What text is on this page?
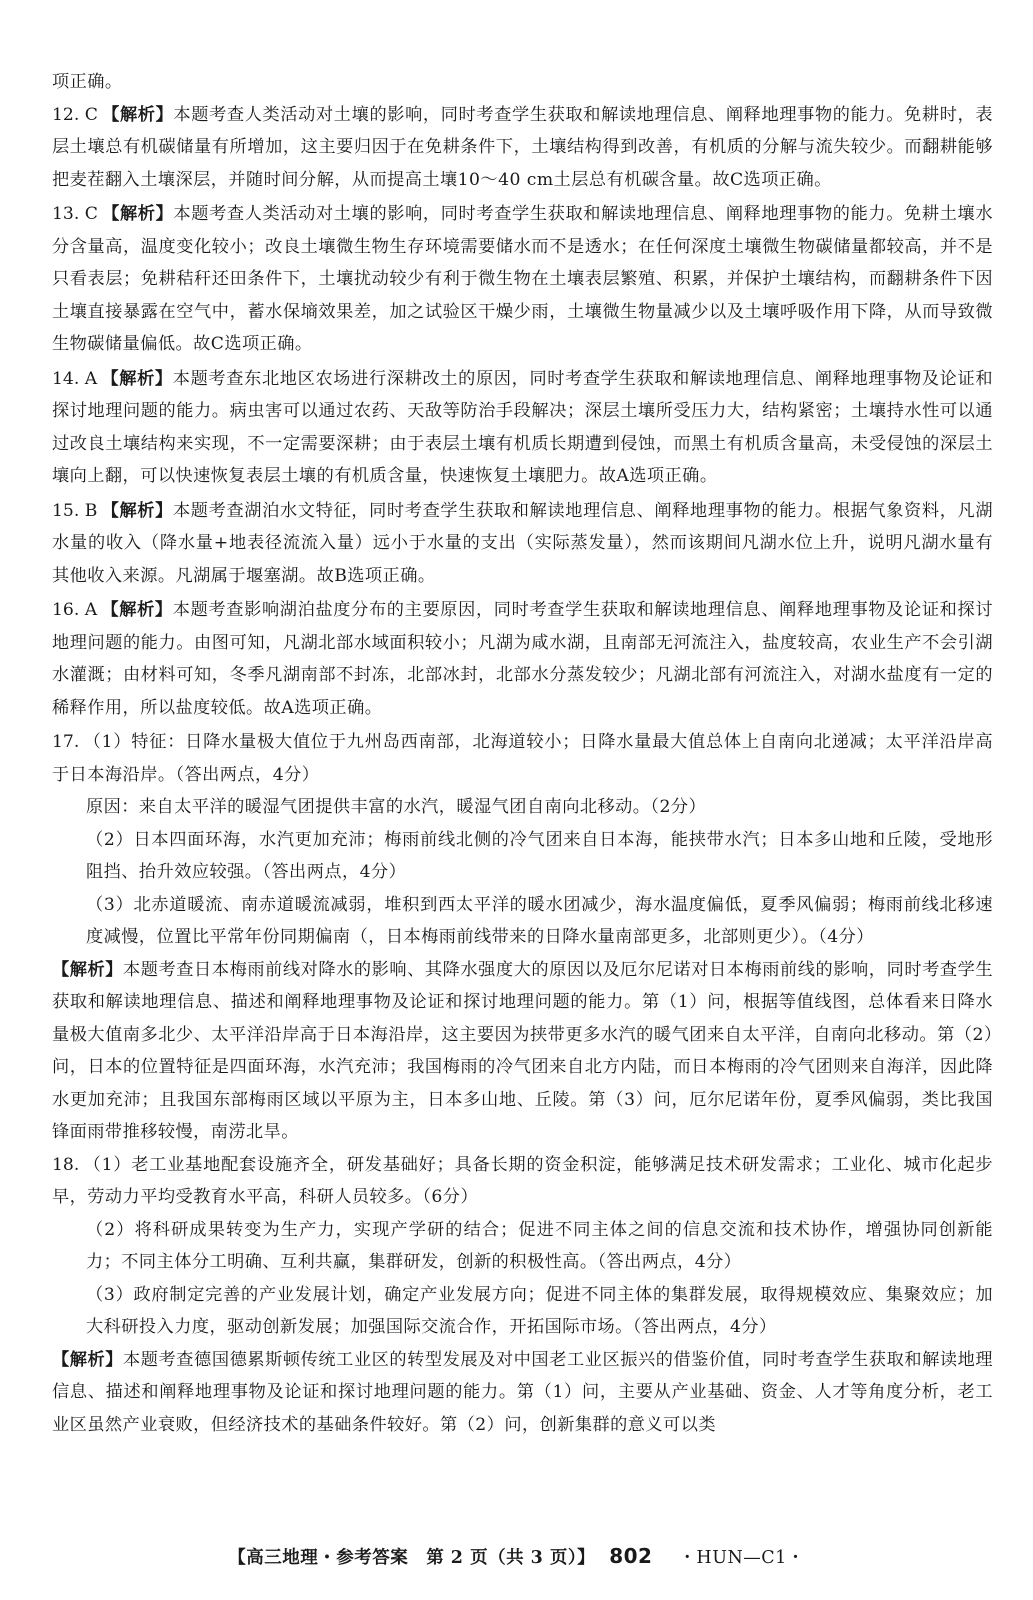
项正确。

12. C 【解析】本题考查人类活动对土壤的影响，同时考查学生获取和解读地理信息、阐释地理事物的能力。免耕时，表层土壤总有机碳储量有所增加，这主要归因于在免耕条件下，土壤结构得到改善，有机质的分解与流失较少。而翻耕能够把麦茬翻入土壤深层，并随时间分解，从而提高土壤10～40 cm土层总有机碳含量。故C选项正确。

13. C 【解析】本题考查人类活动对土壤的影响，同时考查学生获取和解读地理信息、阐释地理事物的能力。免耕土壤水分含量高，温度变化较小；改良土壤微生物生存环境需要储水而不是透水；在任何深度土壤微生物碳储量都较高，并不是只看表层；免耕秸秆还田条件下，土壤扰动较少有利于微生物在土壤表层繁殖、积累，并保护土壤结构，而翻耕条件下因土壤直接暴露在空气中，蓄水保墒效果差，加之试验区干燥少雨，土壤微生物量减少以及土壤呼吸作用下降，从而导致微生物碳储量偏低。故C选项正确。

14. A 【解析】本题考查东北地区农场进行深耕改土的原因，同时考查学生获取和解读地理信息、阐释地理事物及论证和探讨地理问题的能力。病虫害可以通过农药、天敌等防治手段解决；深层土壤所受压力大，结构紧密；土壤持水性可以通过改良土壤结构来实现，不一定需要深耕；由于表层土壤有机质长期遭到侵蚀，而黑土有机质含量高，未受侵蚀的深层土壤向上翻，可以快速恢复表层土壤的有机质含量，快速恢复土壤肥力。故A选项正确。

15. B 【解析】本题考查湖泊水文特征，同时考查学生获取和解读地理信息、阐释地理事物的能力。根据气象资料，凡湖水量的收入（降水量+地表径流流入量）远小于水量的支出（实际蒸发量），然而该期间凡湖水位上升，说明凡湖水量有其他收入来源。凡湖属于堰塞湖。故B选项正确。

16. A 【解析】本题考查影响湖泊盐度分布的主要原因，同时考查学生获取和解读地理信息、阐释地理事物及论证和探讨地理问题的能力。由图可知，凡湖北部水域面积较小；凡湖为咸水湖，且南部无河流注入，盐度较高，农业生产不会引湖水灌溉；由材料可知，冬季凡湖南部不封冻，北部冰封，北部水分蒸发较少；凡湖北部有河流注入，对湖水盐度有一定的稀释作用，所以盐度较低。故A选项正确。

17. （1）特征：日降水量极大值位于九州岛西南部，北海道较小；日降水量最大值总体上自南向北递减；太平洋沿岸高于日本海沿岸。（答出两点，4分）

原因：来自太平洋的暖湿气团提供丰富的水汽，暖湿气团自南向北移动。（2分）

（2）日本四面环海，水汽更加充沛；梅雨前线北侧的冷气团来自日本海，能挟带水汽；日本多山地和丘陵，受地形阻挡、抬升效应较强。（答出两点，4分）

（3）北赤道暖流、南赤道暖流减弱，堆积到西太平洋的暖水团减少，海水温度偏低，夏季风偏弱；梅雨前线北移速度减慢，位置比平常年份同期偏南（，日本梅雨前线带来的日降水量南部更多，北部则更少）。（4分）

【解析】本题考查日本梅雨前线对降水的影响、其降水强度大的原因以及厄尔尼诺对日本梅雨前线的影响，同时考查学生获取和解读地理信息、描述和阐释地理事物及论证和探讨地理问题的能力。第（1）问，根据等值线图，总体看来日降水量极大值南多北少、太平洋沿岸高于日本海沿岸，这主要因为挟带更多水汽的暖气团来自太平洋，自南向北移动。第（2）问，日本的位置特征是四面环海，水汽充沛；我国梅雨的冷气团来自北方内陆，而日本梅雨的冷气团则来自海洋，因此降水更加充沛；且我国东部梅雨区域以平原为主，日本多山地、丘陵。第（3）问，厄尔尼诺年份，夏季风偏弱，类比我国锋面雨带推移较慢，南涝北旱。

18. （1）老工业基地配套设施齐全，研发基础好；具备长期的资金积淀，能够满足技术研发需求；工业化、城市化起步早，劳动力平均受教育水平高，科研人员较多。（6分）

（2）将科研成果转变为生产力，实现产学研的结合；促进不同主体之间的信息交流和技术协作，增强协同创新能力；不同主体分工明确、互利共赢，集群研发，创新的积极性高。（答出两点，4分）

（3）政府制定完善的产业发展计划，确定产业发展方向；促进不同主体的集群发展，取得规模效应、集聚效应；加大科研投入力度，驱动创新发展；加强国际交流合作，开拓国际市场。（答出两点，4分）

【解析】本题考查德国德累斯顿传统工业区的转型发展及对中国老工业区振兴的借鉴价值，同时考查学生获取和解读地理信息、描述和阐释地理事物及论证和探讨地理问题的能力。第（1）问，主要从产业基础、资金、人才等角度分析，老工业区虽然产业衰败，但经济技术的基础条件较好。第（2）问，创新集群的意义可以类

【高三地理・参考答案　第 2 页（共 3 页）】 802 ・HUN—C1・
